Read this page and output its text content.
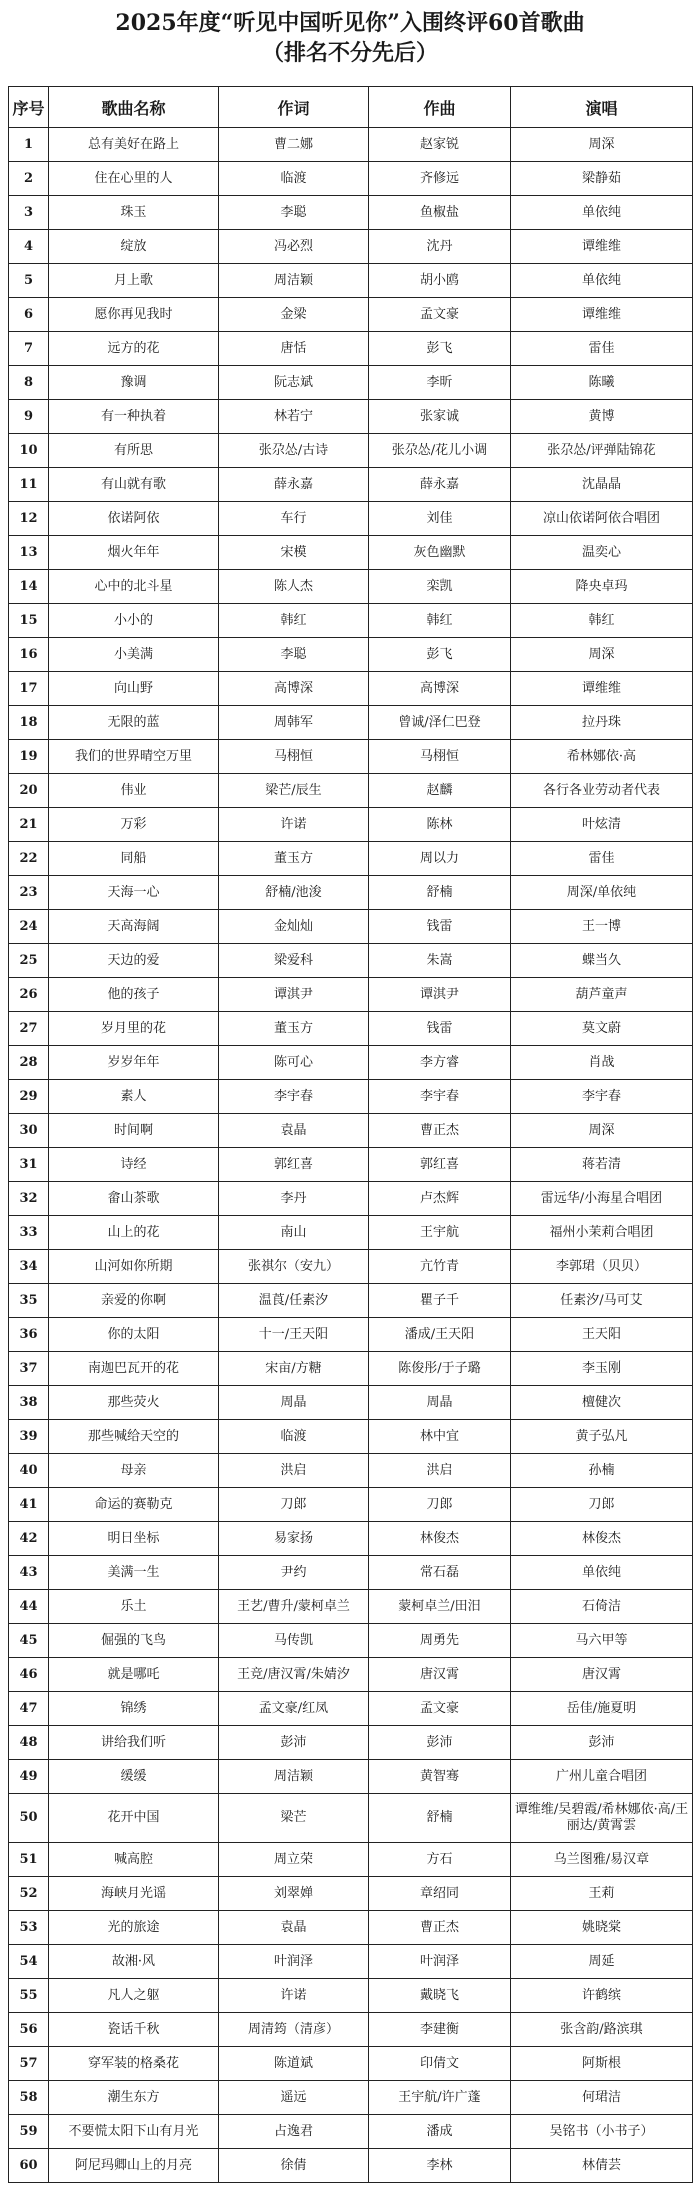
2025年度“听见中国听见你”入围终评60首歌曲
（排名不分先后）
序号	歌曲名称	作词	作曲	演唱
1	总有美好在路上	曹二娜	赵家锐	周深
2	住在心里的人	临渡	齐修远	梁静茹
3	珠玉	李聪	鱼椒盐	单依纯
4	绽放	冯必烈	沈丹	谭维维
5	月上歌	周洁颖	胡小鸥	单依纯
6	愿你再见我时	金梁	孟文豪	谭维维
7	远方的花	唐恬	彭飞	雷佳
8	豫调	阮志斌	李昕	陈曦
9	有一种执着	林若宁	张家诚	黄博
10	有所思	张尕怂/古诗	张尕怂/花儿小调	张尕怂/评弹陆锦花
11	有山就有歌	薛永嘉	薛永嘉	沈晶晶
12	依诺阿依	车行	刘佳	凉山依诺阿依合唱团
13	烟火年年	宋模	灰色幽默	温奕心
14	心中的北斗星	陈人杰	栾凯	降央卓玛
15	小小的	韩红	韩红	韩红
16	小美满	李聪	彭飞	周深
17	向山野	高博深	高博深	谭维维
18	无限的蓝	周韩军	曾诚/泽仁巴登	拉丹珠
19	我们的世界晴空万里	马栩恒	马栩恒	希林娜依·高
20	伟业	梁芒/辰生	赵麟	各行各业劳动者代表
21	万彩	许诺	陈林	叶炫清
22	同船	董玉方	周以力	雷佳
23	天海一心	舒楠/池浚	舒楠	周深/单依纯
24	天高海阔	金灿灿	钱雷	王一博
25	天边的爱	梁爱科	朱嵩	蝶当久
26	他的孩子	谭淇尹	谭淇尹	葫芦童声
27	岁月里的花	董玉方	钱雷	莫文蔚
28	岁岁年年	陈可心	李方睿	肖战
29	素人	李宇春	李宇春	李宇春
30	时间啊	袁晶	曹正杰	周深
31	诗经	郭红喜	郭红喜	蒋若清
32	畲山茶歌	李丹	卢杰辉	雷远华/小海星合唱团
33	山上的花	南山	王宇航	福州小茉莉合唱团
34	山河如你所期	张祺尔（安九）	亢竹青	李郭珺（贝贝）
35	亲爱的你啊	温莨/任素汐	瞿子千	任素汐/马可艾
36	你的太阳	十一/王天阳	潘成/王天阳	王天阳
37	南迦巴瓦开的花	宋亩/方糖	陈俊彤/于子璐	李玉刚
38	那些荧火	周晶	周晶	檀健次
39	那些喊给天空的	临渡	林中宜	黄子弘凡
40	母亲	洪启	洪启	孙楠
41	命运的赛勒克	刀郎	刀郎	刀郎
42	明日坐标	易家扬	林俊杰	林俊杰
43	美满一生	尹约	常石磊	单依纯
44	乐土	王艺/曹升/蒙柯卓兰	蒙柯卓兰/田汨	石倚洁
45	倔强的飞鸟	马传凯	周勇先	马六甲等
46	就是哪吒	王竞/唐汉霄/朱婧汐	唐汉霄	唐汉霄
47	锦绣	孟文豪/红凤	孟文豪	岳佳/施夏明
48	讲给我们听	彭沛	彭沛	彭沛
49	缓缓	周洁颖	黄智骞	广州儿童合唱团
50	花开中国	梁芒	舒楠	谭维维/吴碧霞/希林娜依·高/王丽达/黄霄雲
51	喊高腔	周立荣	方石	乌兰图雅/易汉章
52	海峡月光谣	刘翠婵	章绍同	王莉
53	光的旅途	袁晶	曹正杰	姚晓棠
54	故湘·风	叶润泽	叶润泽	周延
55	凡人之躯	许诺	戴晓飞	许鹤缤
56	瓷话千秋	周清筠（清彦）	李建衡	张含韵/路滨琪
57	穿军装的格桑花	陈道斌	印倩文	阿斯根
58	潮生东方	遥远	王宇航/许广蓬	何珺洁
59	不要慌太阳下山有月光	占逸君	潘成	吴铭书（小书子）
60	阿尼玛卿山上的月亮	徐倩	李林	林倩芸
